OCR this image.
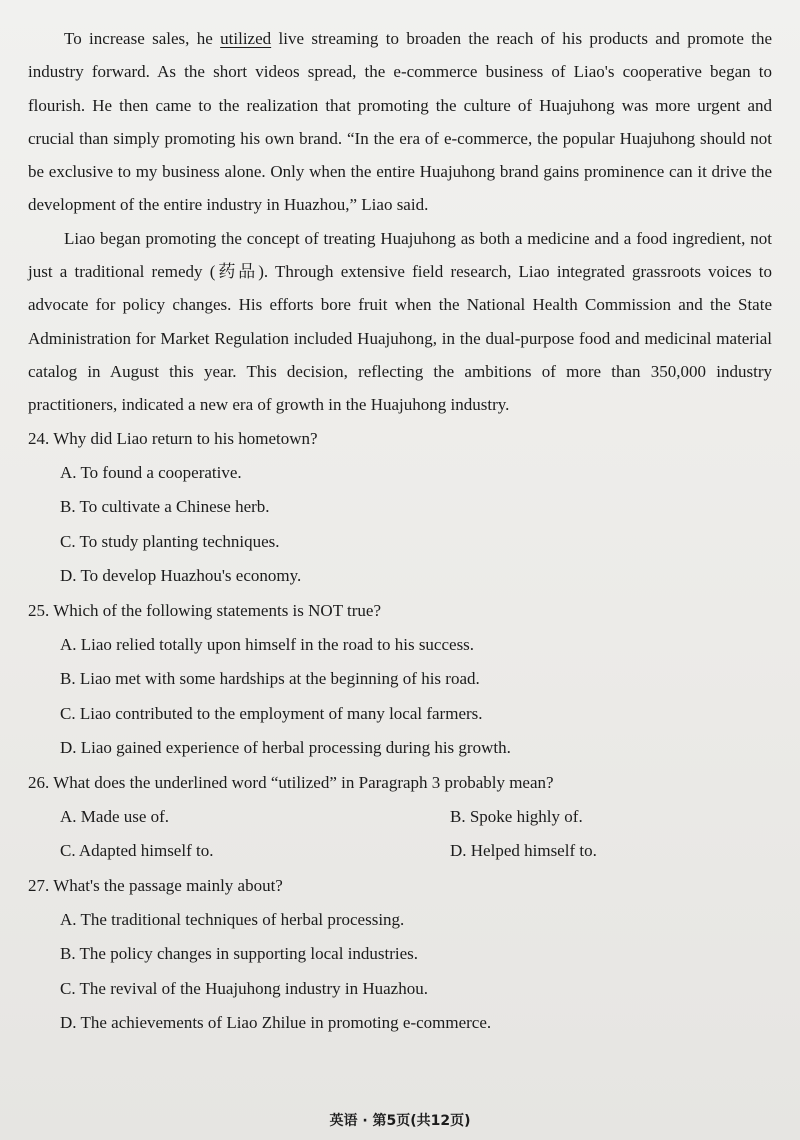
To increase sales, he utilized live streaming to broaden the reach of his products and promote the industry forward. As the short videos spread, the e-commerce business of Liao's cooperative began to flourish. He then came to the realization that promoting the culture of Huajuhong was more urgent and crucial than simply promoting his own brand. “In the era of e-commerce, the popular Huajuhong should not be exclusive to my business alone. Only when the entire Huajuhong brand gains prominence can it drive the development of the entire industry in Huazhou,” Liao said.

Liao began promoting the concept of treating Huajuhong as both a medicine and a food ingredient, not just a traditional remedy (药品). Through extensive field research, Liao integrated grassroots voices to advocate for policy changes. His efforts bore fruit when the National Health Commission and the State Administration for Market Regulation included Huajuhong, in the dual-purpose food and medicinal material catalog in August this year. This decision, reflecting the ambitions of more than 350,000 industry practitioners, indicated a new era of growth in the Huajuhong industry.

24. Why did Liao return to his hometown?

A. To found a cooperative.

B. To cultivate a Chinese herb.

C. To study planting techniques.

D. To develop Huazhou's economy.

25. Which of the following statements is NOT true?

A. Liao relied totally upon himself in the road to his success.

B. Liao met with some hardships at the beginning of his road.

C. Liao contributed to the employment of many local farmers.

D. Liao gained experience of herbal processing during his growth.

26. What does the underlined word “utilized” in Paragraph 3 probably mean?

A. Made use of.	B. Spoke highly of.
C. Adapted himself to.	D. Helped himself to.

27. What's the passage mainly about?

A. The traditional techniques of herbal processing.

B. The policy changes in supporting local industries.

C. The revival of the Huajuhong industry in Huazhou.

D. The achievements of Liao Zhilue in promoting e-commerce.

英语 · 第5页(共12页)
